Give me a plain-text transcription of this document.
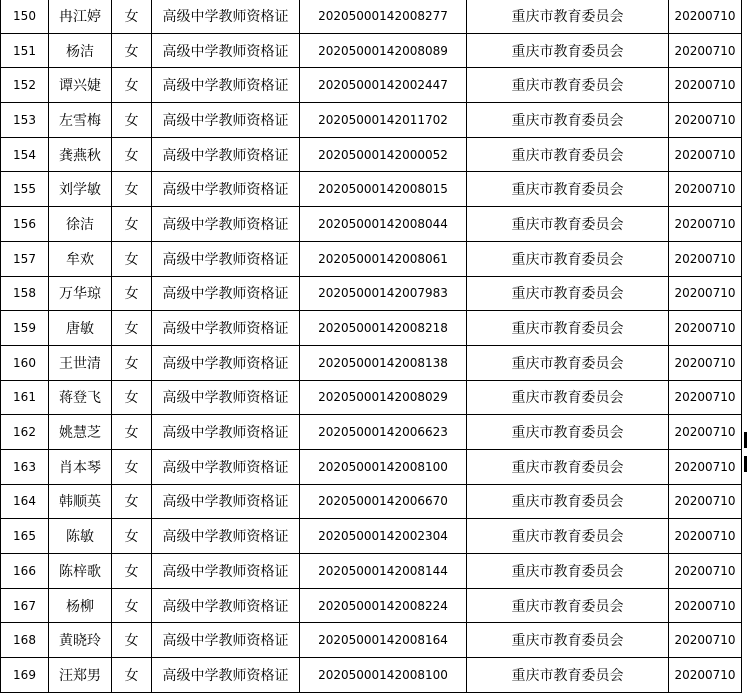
150	冉江婷	女	高级中学教师资格证	20205000142008277	重庆市教育委员会	20200710
151	杨洁	女	高级中学教师资格证	20205000142008089	重庆市教育委员会	20200710
152	谭兴婕	女	高级中学教师资格证	20205000142002447	重庆市教育委员会	20200710
153	左雪梅	女	高级中学教师资格证	20205000142011702	重庆市教育委员会	20200710
154	龚燕秋	女	高级中学教师资格证	20205000142000052	重庆市教育委员会	20200710
155	刘学敏	女	高级中学教师资格证	20205000142008015	重庆市教育委员会	20200710
156	徐洁	女	高级中学教师资格证	20205000142008044	重庆市教育委员会	20200710
157	牟欢	女	高级中学教师资格证	20205000142008061	重庆市教育委员会	20200710
158	万华琼	女	高级中学教师资格证	20205000142007983	重庆市教育委员会	20200710
159	唐敏	女	高级中学教师资格证	20205000142008218	重庆市教育委员会	20200710
160	王世清	女	高级中学教师资格证	20205000142008138	重庆市教育委员会	20200710
161	蒋登飞	女	高级中学教师资格证	20205000142008029	重庆市教育委员会	20200710
162	姚慧芝	女	高级中学教师资格证	20205000142006623	重庆市教育委员会	20200710
163	肖本琴	女	高级中学教师资格证	20205000142008100	重庆市教育委员会	20200710
164	韩顺英	女	高级中学教师资格证	20205000142006670	重庆市教育委员会	20200710
165	陈敏	女	高级中学教师资格证	20205000142002304	重庆市教育委员会	20200710
166	陈梓歌	女	高级中学教师资格证	20205000142008144	重庆市教育委员会	20200710
167	杨柳	女	高级中学教师资格证	20205000142008224	重庆市教育委员会	20200710
168	黄晓玲	女	高级中学教师资格证	20205000142008164	重庆市教育委员会	20200710
169	汪郑男	女	高级中学教师资格证	20205000142008100	重庆市教育委员会	20200710
